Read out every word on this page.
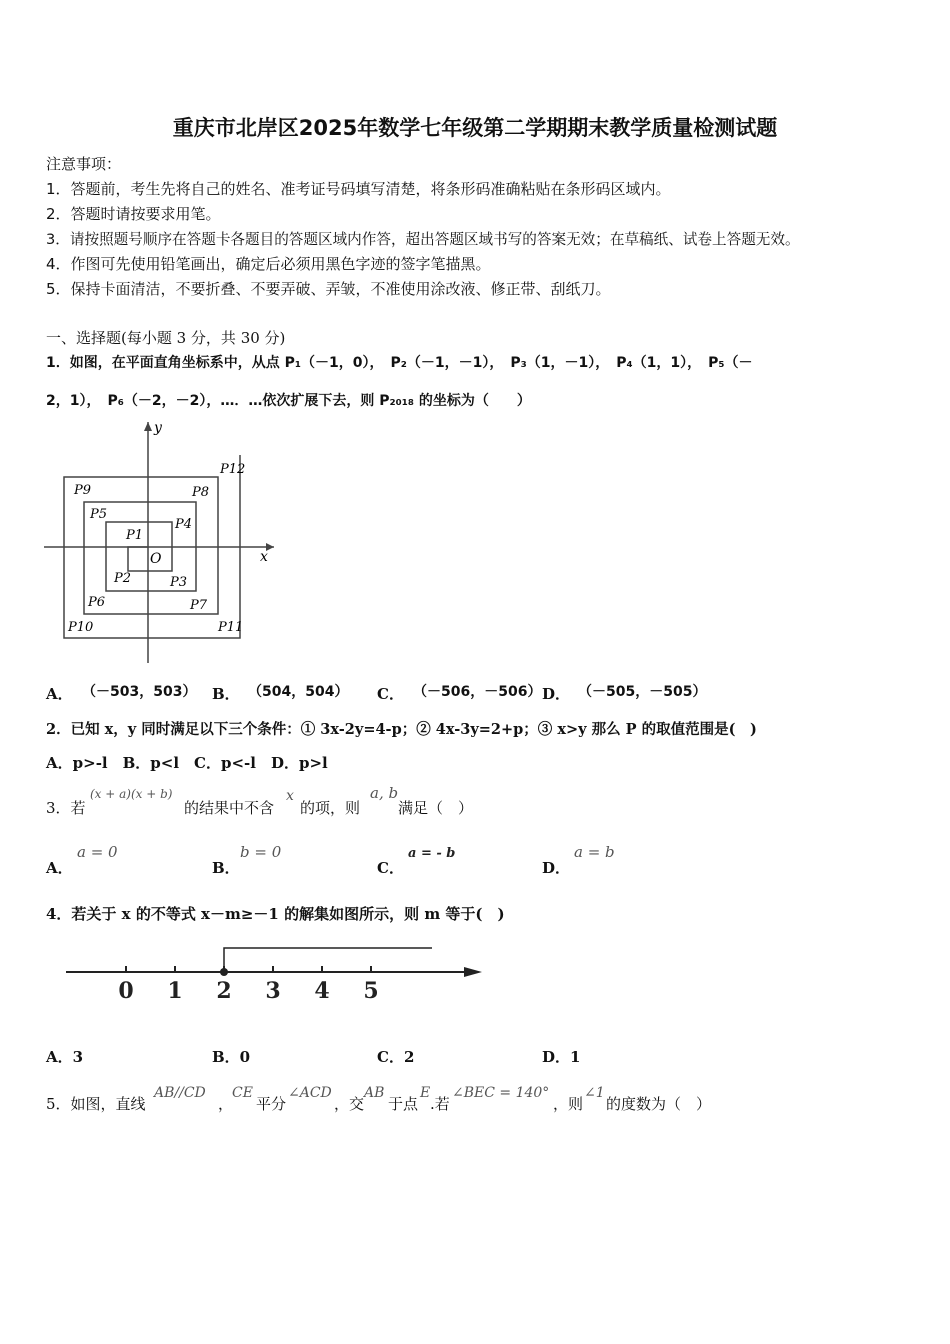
重庆市北岸区2025年数学七年级第二学期期末教学质量检测试题
注意事项：
1．答题前，考生先将自己的姓名、准考证号码填写清楚，将条形码准确粘贴在条形码区域内。
2．答题时请按要求用笔。
3．请按照题号顺序在答题卡各题目的答题区域内作答，超出答题区域书写的答案无效；在草稿纸、试卷上答题无效。
4．作图可先使用铅笔画出，确定后必须用黑色字迹的签字笔描黑。
5．保持卡面清洁，不要折叠、不要弄破、弄皱，不准使用涂改液、修正带、刮纸刀。
一、选择题(每小题 3 分，共 30 分)
1．如图，在平面直角坐标系中，从点 P₁（－1，0），　P₂（－1，－1），　P₃（1，－1），　P₄（1，1），　P₅（－
2，1），　P₆（－2，－2），…．…依次扩展下去，则 P₂₀₁₈ 的坐标为（　　）
P1
P2	P3
P4
P5
P6	P7
P8
P9
P10	P11
P12
O	x
y
A． （－503，503） B． （504，504） C． （－506，－506） D． （－505，－505）
2．已知 x，y 同时满足以下三个条件：① 3x-2y=4-p；② 4x-3y=2+p；③ x>y 那么 P 的取值范围是(　)
A．p>-l　B．p<l　C．p<-l　D．p>l
3．若
(x + a)(x + b)
的结果中不含
x
的项，则
a, b
满足（　）
A．
a = 0
B．
b = 0
C．
a = - b
D．
a = b
4．若关于 x 的不等式 x－m≥－1 的解集如图所示，则 m 等于(　)
0 1 2 3 4 5
A．3	B．0	C．2	D．1
5．如图，直线
AB//CD
，
CE
平分
∠ACD
，交
AB
于点
E
.若
∠BEC = 140°
，则
∠1
的度数为（　）
